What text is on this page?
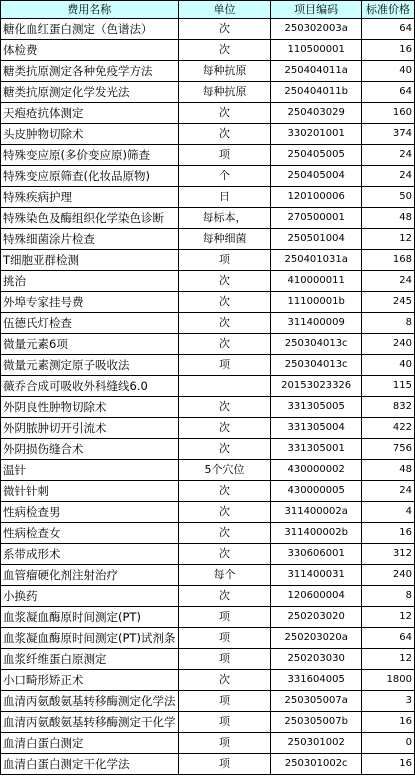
费用名称	单位	项目编码	标准价格
糖化血红蛋白测定（色谱法）	次	250302003a	64
体检费	次	110500001	16
糖类抗原测定各种免疫学方法	每种抗原	250404011a	40
糖类抗原测定化学发光法	每种抗原	250404011b	64
天疱疮抗体测定	次	250403029	160
头皮肿物切除术	次	330201001	374
特殊变应原(多价变应原)筛查	项	250405005	24
特殊变应原筛查(化妆品原物)	个	250405004	24
特殊疾病护理	日	120100006	50
特殊染色及酶组织化学染色诊断	每标本，	270500001	48
特殊细菌涂片检查	每种细菌	250501004	12
T细胞亚群检测	项	250401031a	168
挑治	次	410000011	24
外埠专家挂号费	次	11100001b	245
伍德氏灯检查	次	311400009	8
微量元素6项	次	250304013c	240
微量元素测定原子吸收法	项	250304013c	40
薇乔合成可吸收外科缝线6.0		20153023326	115
外阴良性肿物切除术	次	331305005	832
外阴脓肿切开引流术	次	331305004	422
外阴损伤缝合术	次	331305001	756
温针	5个穴位	430000002	48
微针针刺	次	430000005	24
性病检查男	次	311400002a	4
性病检查女	次	311400002b	16
系带成形术	次	330606001	312
血管瘤硬化剂注射治疗	每个	311400031	240
小换药	次	120600004	8
血浆凝血酶原时间测定(PT)	项	250203020	12
血浆凝血酶原时间测定(PT)试剂条	项	250203020a	64
血浆纤维蛋白原测定	项	250203030	12
小口畸形矫正术	次	331604005	1800
血清丙氨酸氨基转移酶测定化学法	项	250305007a	3
血清丙氨酸氨基转移酶测定干化学	项	250305007b	16
血清白蛋白测定	项	250301002	0
血清白蛋白测定干化学法	项	250301002c	16
